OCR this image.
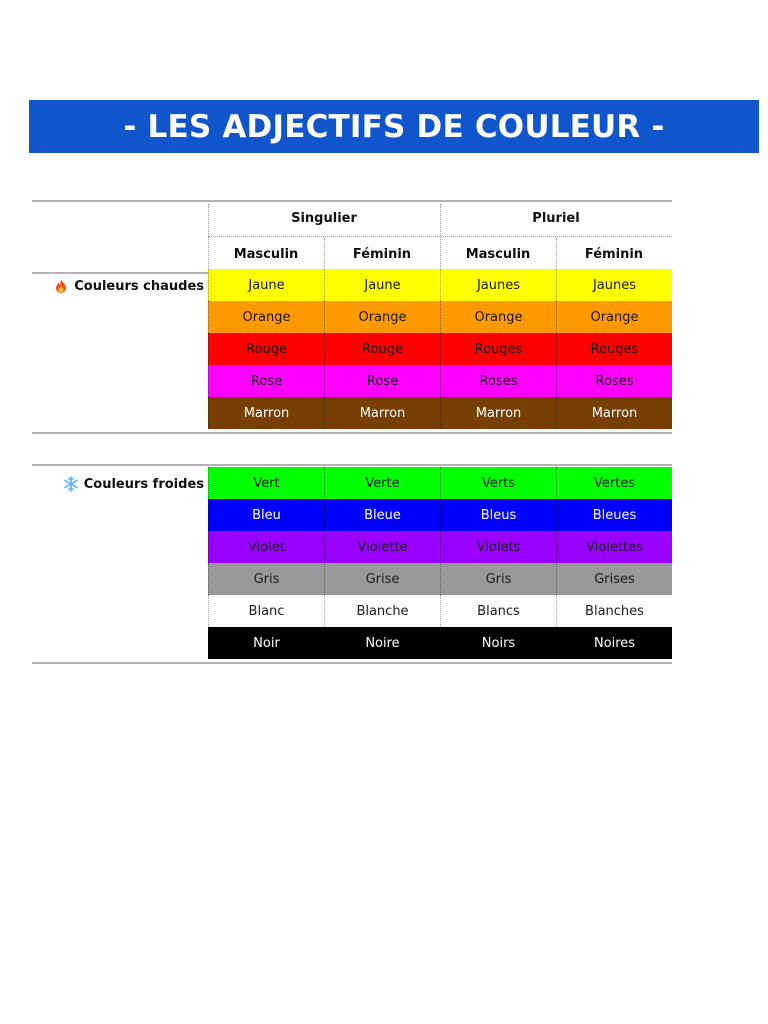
- LES ADJECTIFS DE COULEUR -
Singulier	Pluriel
Masculin	Féminin	Masculin	Féminin
Couleurs chaudes	Jaune	Jaune	Jaunes	Jaunes
Orange	Orange	Orange	Orange
Rouge	Rouge	Rouges	Rouges
Rose	Rose	Roses	Roses
Marron	Marron	Marron	Marron
Couleurs froides	Vert	Verte	Verts	Vertes
Bleu	Bleue	Bleus	Bleues
Violet	Violette	Violets	Violettes
Gris	Grise	Gris	Grises
Blanc	Blanche	Blancs	Blanches
Noir	Noire	Noirs	Noires
